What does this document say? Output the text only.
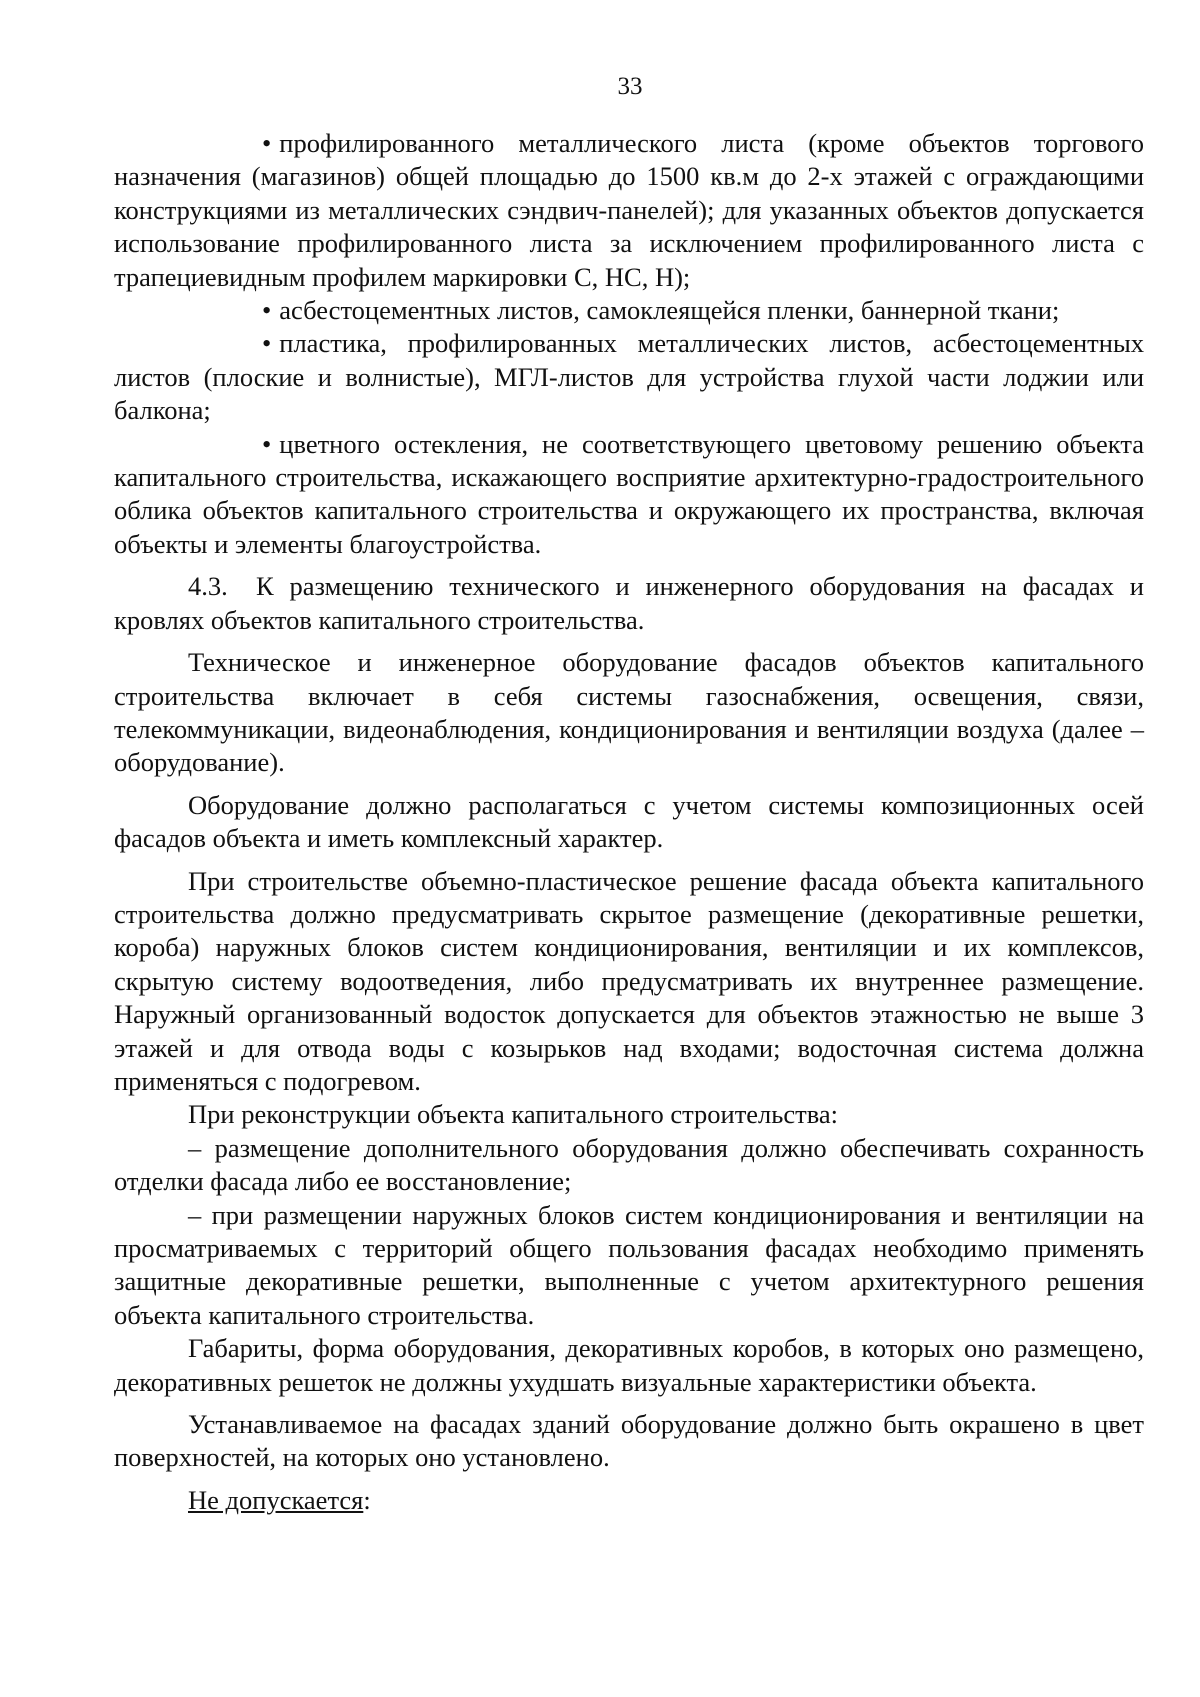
33

• профилированного металлического листа (кроме объектов торгового назначения (магазинов) общей площадью до 1500 кв.м до 2-х этажей с ограждающими конструкциями из металлических сэндвич-панелей); для указанных объектов допускается использование профилированного листа за исключением профилированного листа с трапециевидным профилем маркировки С, НС, Н);

• асбестоцементных листов, самоклеящейся пленки, баннерной ткани;

• пластика, профилированных металлических листов, асбестоцементных листов (плоские и волнистые), МГЛ-листов для устройства глухой части лоджии или балкона;

• цветного остекления, не соответствующего цветовому решению объекта капитального строительства, искажающего восприятие архитектурно-градостроительного облика объектов капитального строительства и окружающего их пространства, включая объекты и элементы благоустройства.

4.3. К размещению технического и инженерного оборудования на фасадах и кровлях объектов капитального строительства.

Техническое и инженерное оборудование фасадов объектов капитального строительства включает в себя системы газоснабжения, освещения, связи, телекоммуникации, видеонаблюдения, кондиционирования и вентиляции воздуха (далее – оборудование).

Оборудование должно располагаться с учетом системы композиционных осей фасадов объекта и иметь комплексный характер.

При строительстве объемно-пластическое решение фасада объекта капитального строительства должно предусматривать скрытое размещение (декоративные решетки, короба) наружных блоков систем кондиционирования, вентиляции и их комплексов, скрытую систему водоотведения, либо предусматривать их внутреннее размещение. Наружный организованный водосток допускается для объектов этажностью не выше 3 этажей и для отвода воды с козырьков над входами; водосточная система должна применяться с подогревом.

При реконструкции объекта капитального строительства:

– размещение дополнительного оборудования должно обеспечивать сохранность отделки фасада либо ее восстановление;

– при размещении наружных блоков систем кондиционирования и вентиляции на просматриваемых с территорий общего пользования фасадах необходимо применять защитные декоративные решетки, выполненные с учетом архитектурного решения объекта капитального строительства.

Габариты, форма оборудования, декоративных коробов, в которых оно размещено, декоративных решеток не должны ухудшать визуальные характеристики объекта.

Устанавливаемое на фасадах зданий оборудование должно быть окрашено в цвет поверхностей, на которых оно установлено.

Не допускается:
